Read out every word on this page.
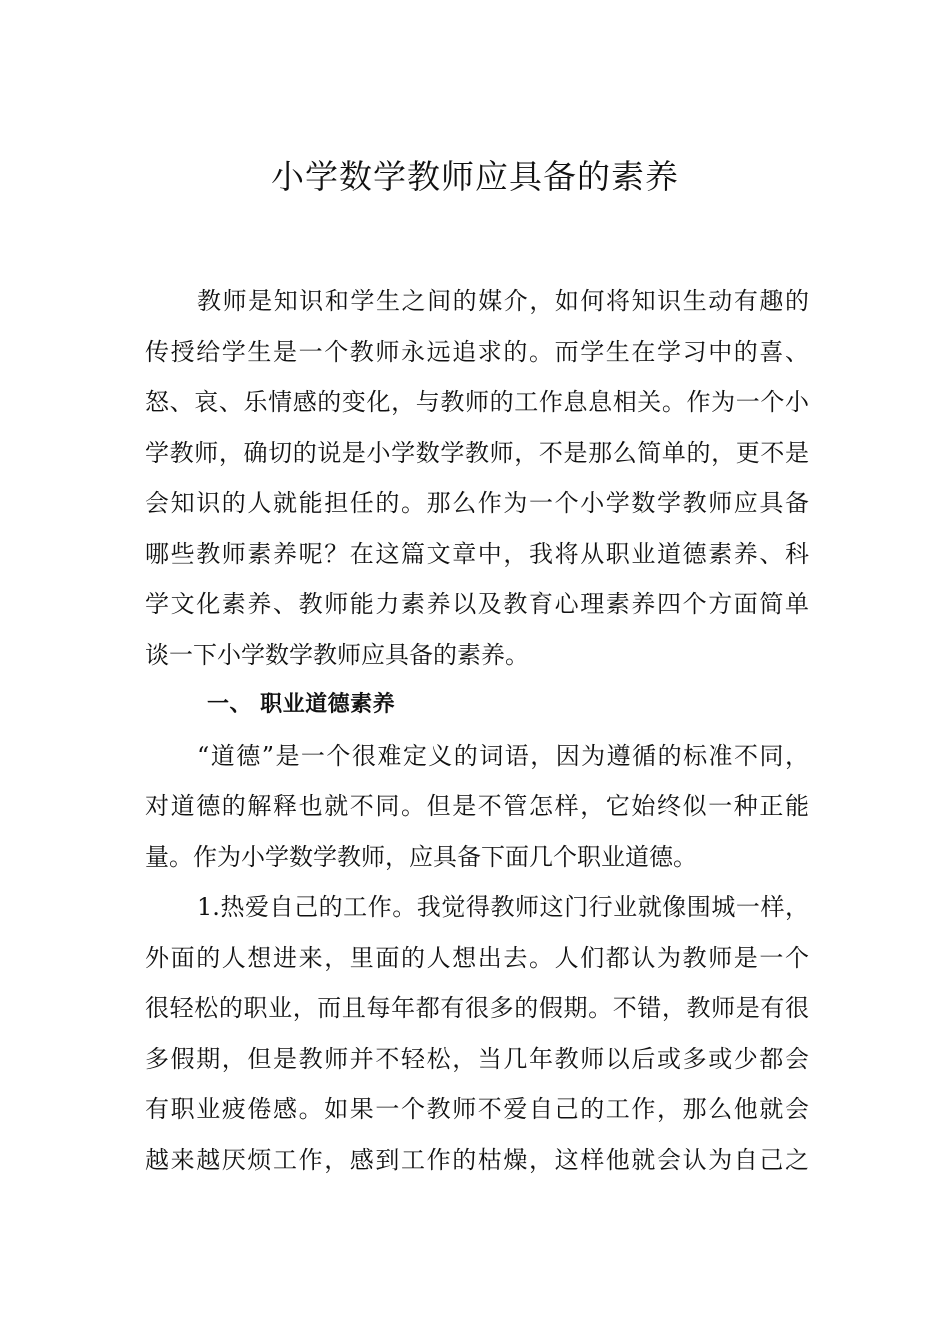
小学数学教师应具备的素养
教师是知识和学生之间的媒介，如何将知识生动有趣的
传授给学生是一个教师永远追求的。而学生在学习中的喜、
怒、哀、乐情感的变化，与教师的工作息息相关。作为一个小
学教师，确切的说是小学数学教师，不是那么简单的，更不是
会知识的人就能担任的。那么作为一个小学数学教师应具备
哪些教师素养呢？在这篇文章中，我将从职业道德素养、科
学文化素养、教师能力素养以及教育心理素养四个方面简单
谈一下小学数学教师应具备的素养。
一、 职业道德素养
“道德”是一个很难定义的词语，因为遵循的标准不同，
对道德的解释也就不同。但是不管怎样，它始终似一种正能
量。作为小学数学教师，应具备下面几个职业道德。
1.热爱自己的工作。我觉得教师这门行业就像围城一样，
外面的人想进来，里面的人想出去。人们都认为教师是一个
很轻松的职业，而且每年都有很多的假期。不错，教师是有很
多假期，但是教师并不轻松，当几年教师以后或多或少都会
有职业疲倦感。如果一个教师不爱自己的工作，那么他就会
越来越厌烦工作，感到工作的枯燥，这样他就会认为自己之
